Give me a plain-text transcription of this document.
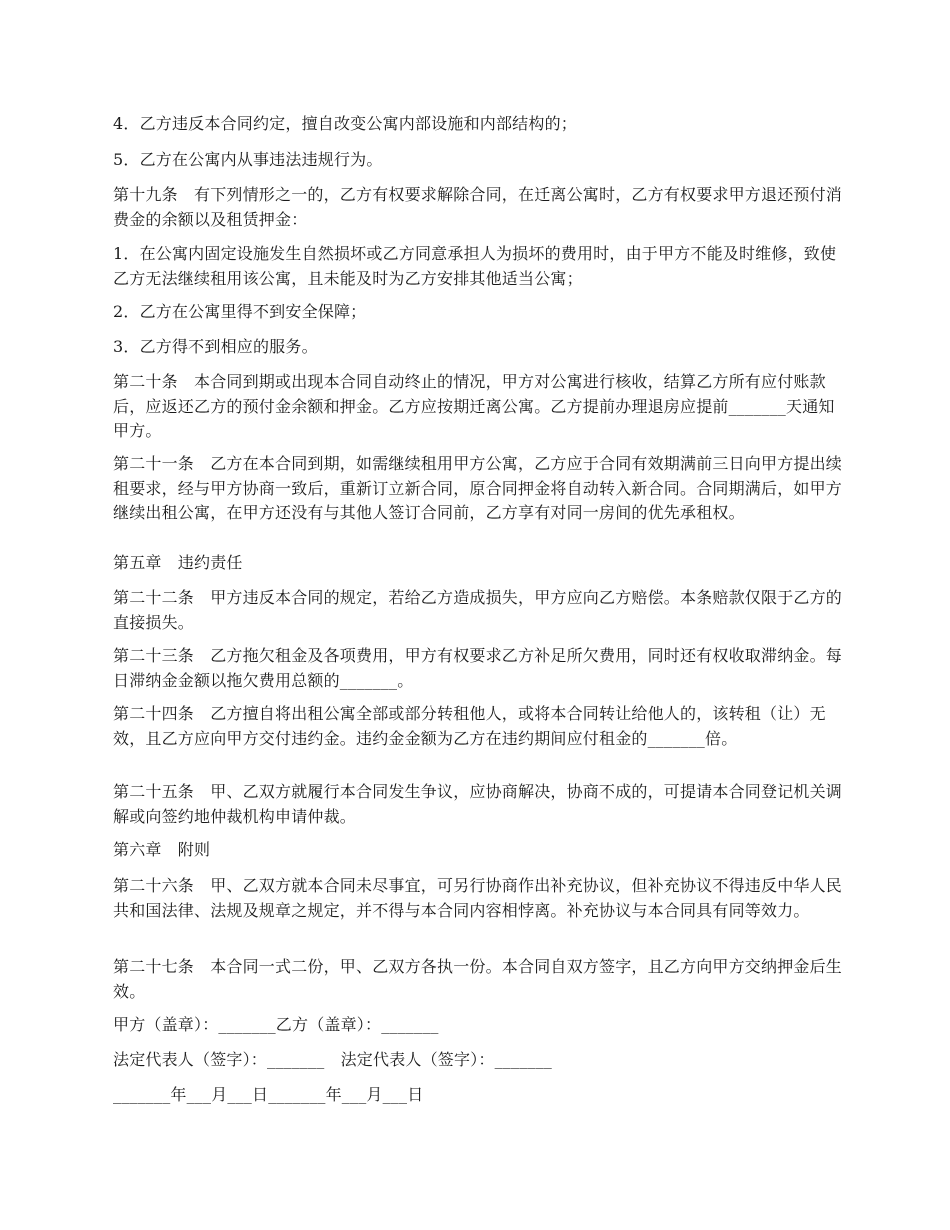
4．乙方违反本合同约定，擅自改变公寓内部设施和内部结构的；

5．乙方在公寓内从事违法违规行为。

第十九条　有下列情形之一的，乙方有权要求解除合同，在迁离公寓时，乙方有权要求甲方退还预付消费金的余额以及租赁押金：

1．在公寓内固定设施发生自然损坏或乙方同意承担人为损坏的费用时，由于甲方不能及时维修，致使乙方无法继续租用该公寓，且未能及时为乙方安排其他适当公寓；

2．乙方在公寓里得不到安全保障；

3．乙方得不到相应的服务。

第二十条　本合同到期或出现本合同自动终止的情况，甲方对公寓进行核收，结算乙方所有应付账款后，应返还乙方的预付金余额和押金。乙方应按期迁离公寓。乙方提前办理退房应提前_______天通知甲方。

第二十一条　乙方在本合同到期，如需继续租用甲方公寓，乙方应于合同有效期满前三日向甲方提出续租要求，经与甲方协商一致后，重新订立新合同，原合同押金将自动转入新合同。合同期满后，如甲方继续出租公寓，在甲方还没有与其他人签订合同前，乙方享有对同一房间的优先承租权。

第五章　违约责任

第二十二条　甲方违反本合同的规定，若给乙方造成损失，甲方应向乙方赔偿。本条赔款仅限于乙方的直接损失。

第二十三条　乙方拖欠租金及各项费用，甲方有权要求乙方补足所欠费用，同时还有权收取滞纳金。每日滞纳金金额以拖欠费用总额的_______。

第二十四条　乙方擅自将出租公寓全部或部分转租他人，或将本合同转让给他人的，该转租（让）无效，且乙方应向甲方交付违约金。违约金金额为乙方在违约期间应付租金的_______倍。

第二十五条　甲、乙双方就履行本合同发生争议，应协商解决，协商不成的，可提请本合同登记机关调解或向签约地仲裁机构申请仲裁。

第六章　附则

第二十六条　甲、乙双方就本合同未尽事宜，可另行协商作出补充协议，但补充协议不得违反中华人民共和国法律、法规及规章之规定，并不得与本合同内容相悖离。补充协议与本合同具有同等效力。

第二十七条　本合同一式二份，甲、乙双方各执一份。本合同自双方签字，且乙方向甲方交纳押金后生效。

甲方（盖章）：_______乙方（盖章）：_______

法定代表人（签字）：_______　法定代表人（签字）：_______

_______年___月___日_______年___月___日
